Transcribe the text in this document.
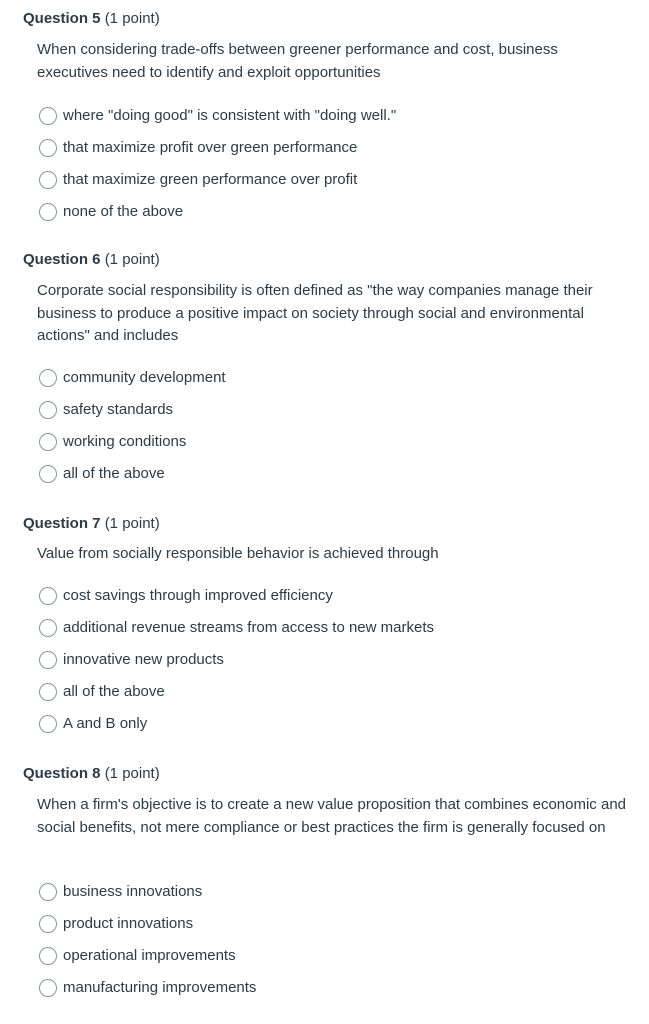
Question 5 (1 point)
When considering trade-offs between greener performance and cost, business executives need to identify and exploit opportunities
where "doing good" is consistent with "doing well."
that maximize profit over green performance
that maximize green performance over profit
none of the above
Question 6 (1 point)
Corporate social responsibility is often defined as "the way companies manage their business to produce a positive impact on society through social and environmental actions" and includes
community development
safety standards
working conditions
all of the above
Question 7 (1 point)
Value from socially responsible behavior is achieved through
cost savings through improved efficiency
additional revenue streams from access to new markets
innovative new products
all of the above
A and B only
Question 8 (1 point)
When a firm's objective is to create a new value proposition that combines economic and social benefits, not mere compliance or best practices the firm is generally focused on
business innovations
product innovations
operational improvements
manufacturing improvements
